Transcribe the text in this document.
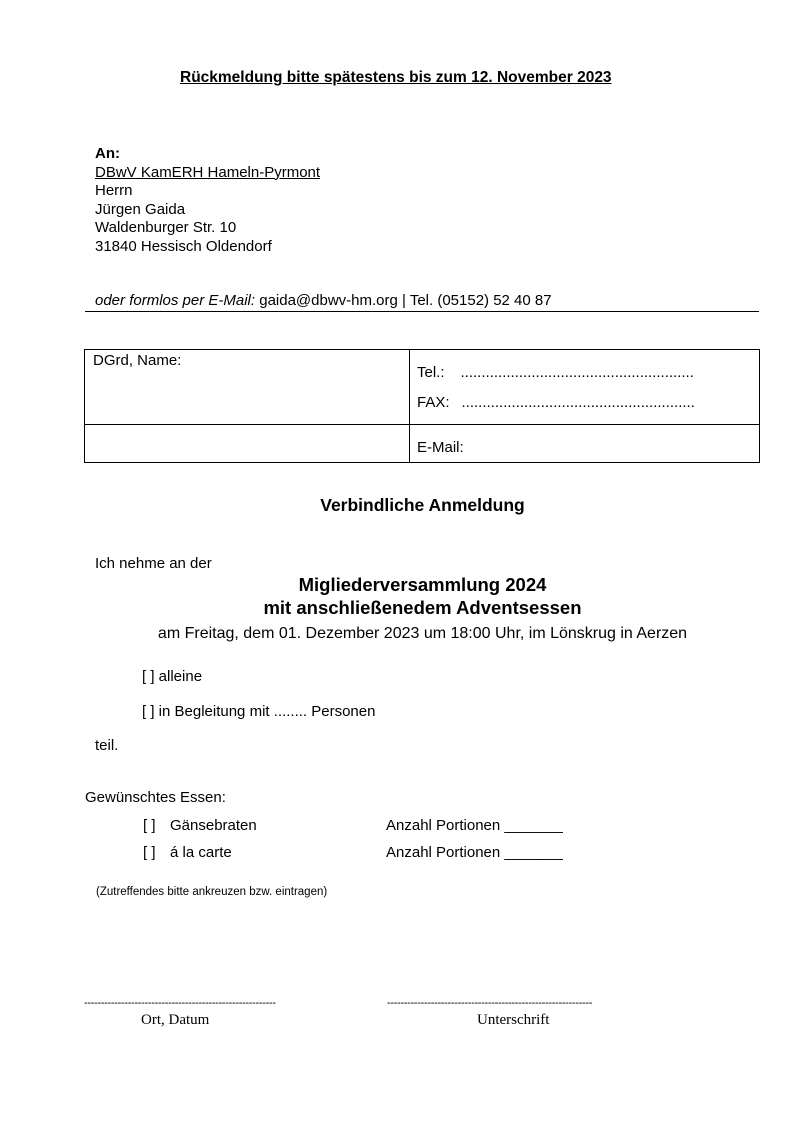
Rückmeldung bitte spätestens bis zum 12. November 2023
An:
DBwV KamERH Hameln-Pyrmont
Herrn
Jürgen Gaida
Waldenburger Str. 10
31840 Hessisch Oldendorf
oder formlos per E-Mail: gaida@dbwv-hm.org | Tel. (05152) 52 40 87
DGrd, Name:	Tel.: ........................................................
FAX: ........................................................

	E-Mail:
Verbindliche Anmeldung
Ich nehme an der
Migliederversammlung 2024
mit anschließenedem Adventsessen
am Freitag, dem 01. Dezember 2023 um 18:00 Uhr, im Lönskrug in Aerzen
[ ] alleine
[ ] in Begleitung mit ........ Personen
teil.
Gewünschtes Essen:
[ ] Gänsebraten	Anzahl Portionen _______
[ ] á la carte	Anzahl Portionen _______
(Zutreffendes bitte ankreuzen bzw. eintragen)
---------------------------------------------------------	-------------------------------------------------------------
Ort, Datum	Unterschrift
